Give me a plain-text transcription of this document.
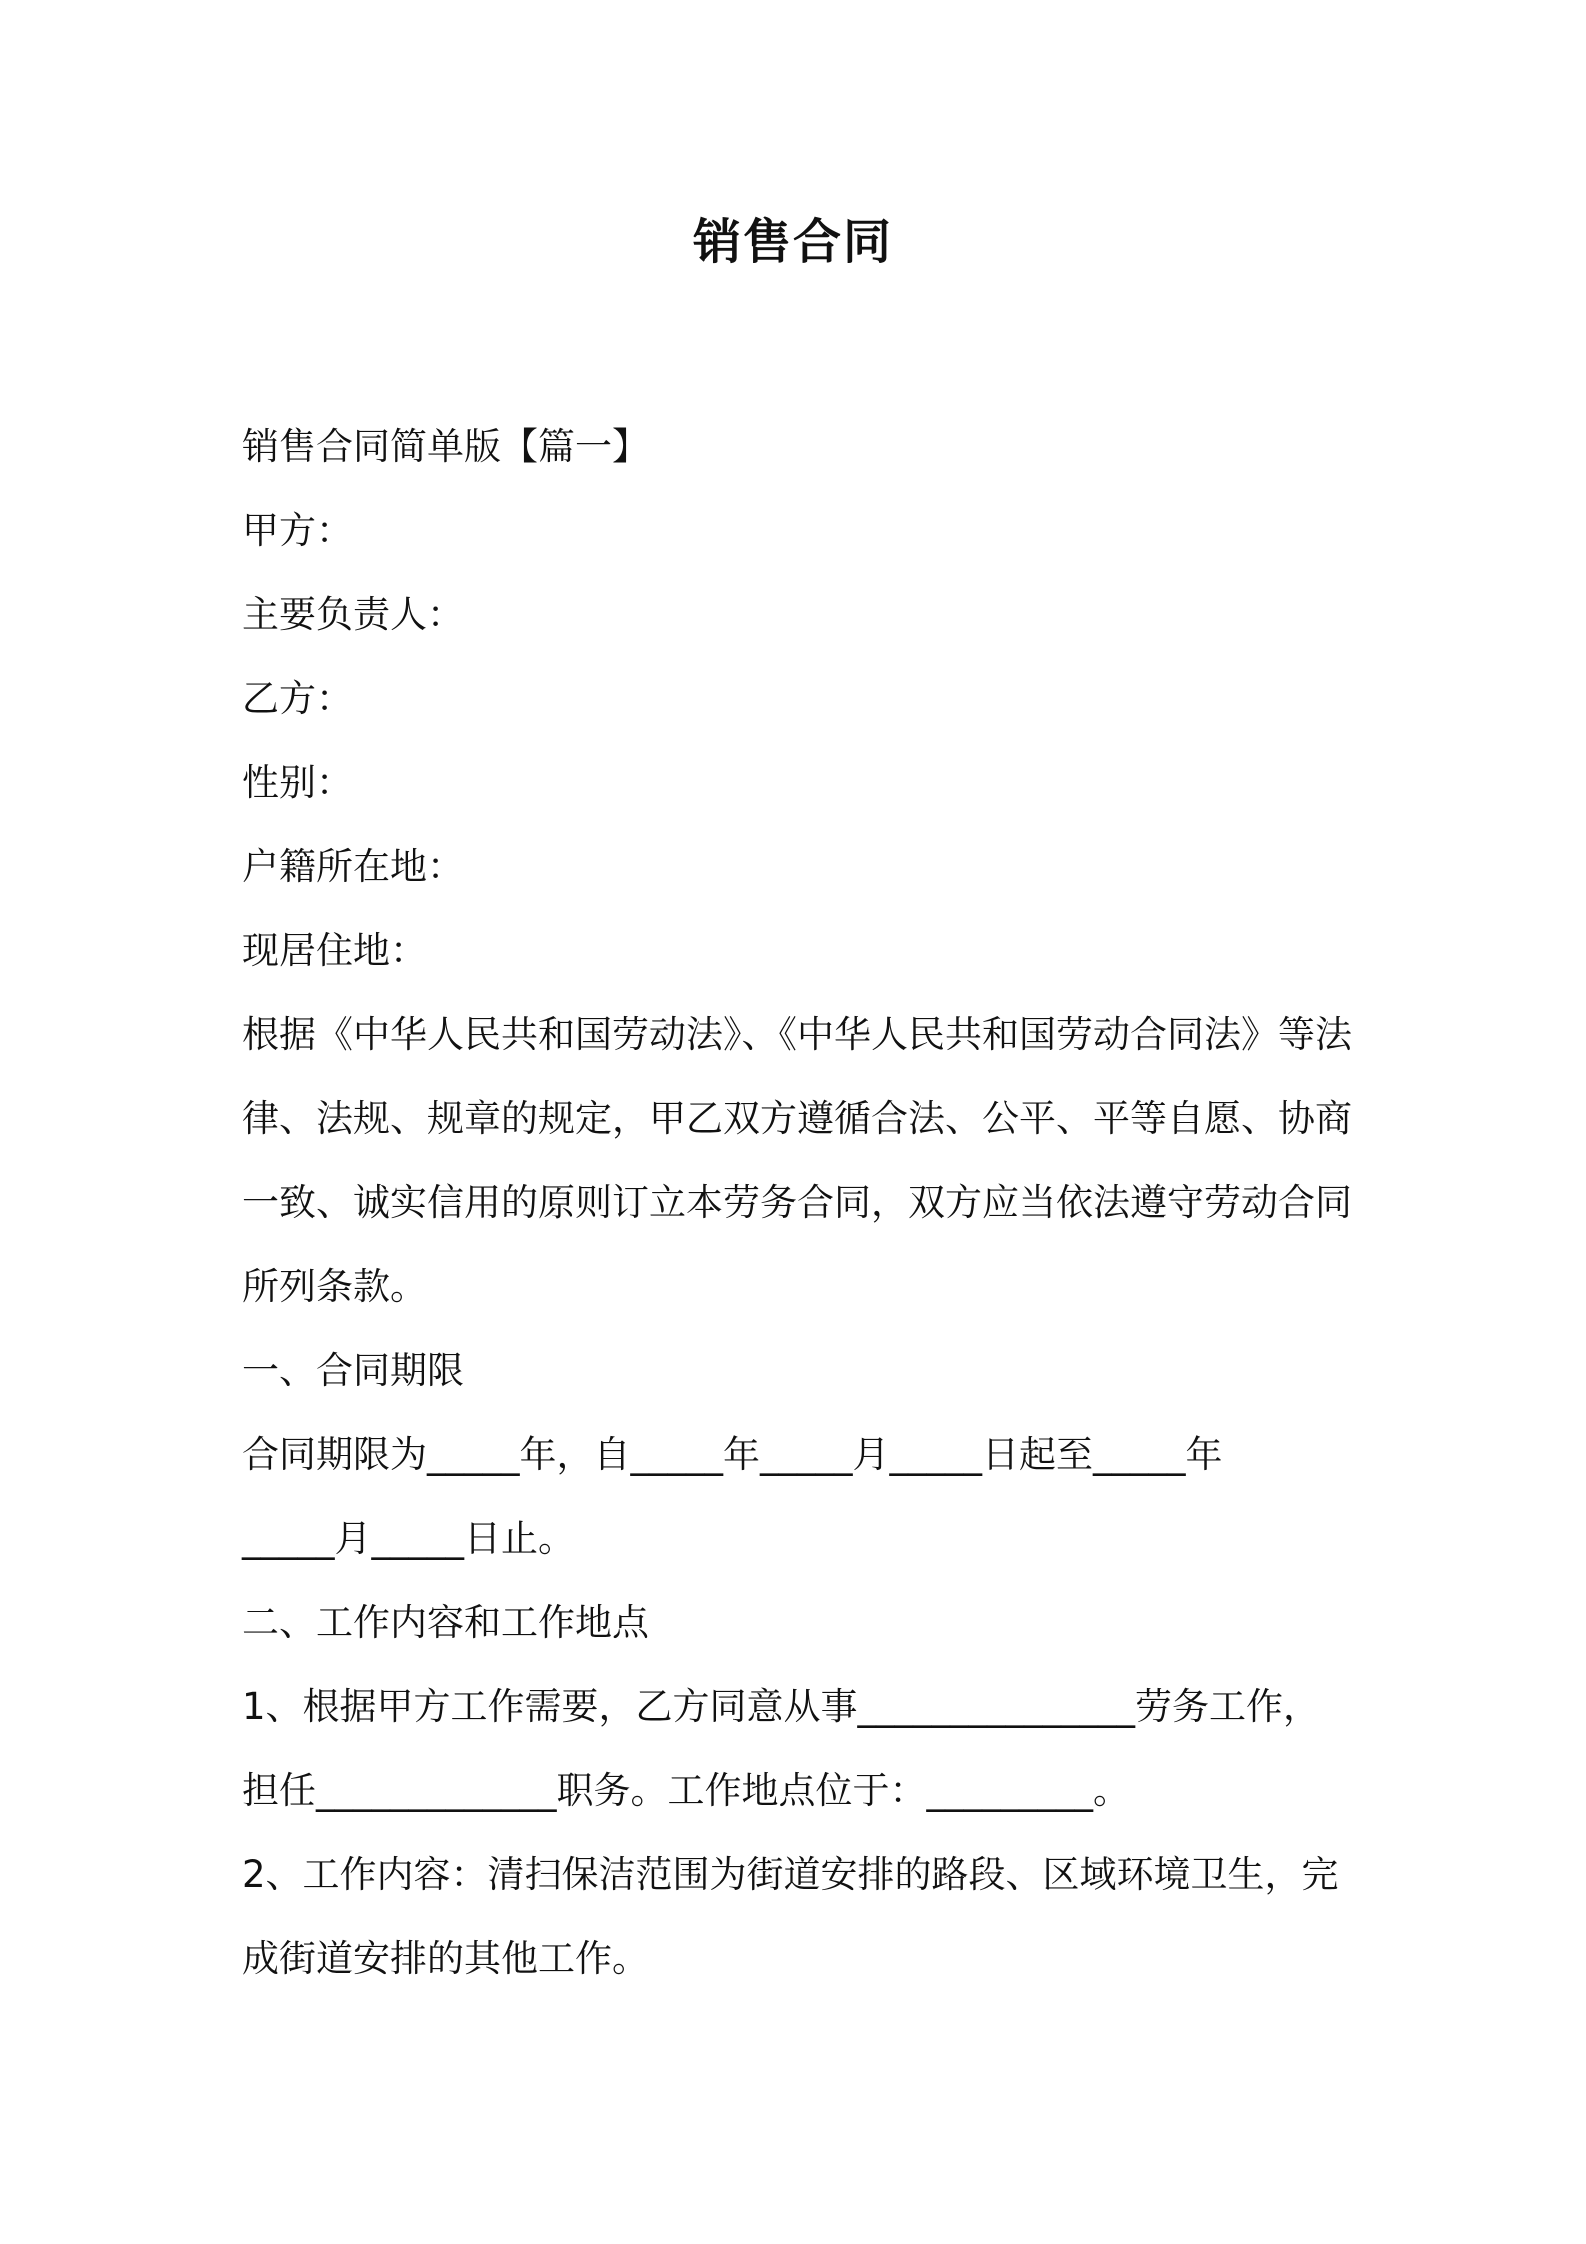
销售合同
销售合同简单版【篇一】
甲方：
主要负责人：
乙方：
性别：
户籍所在地：
现居住地：
根据《中华人民共和国劳动法》、《中华人民共和国劳动合同法》等法
律、法规、规章的规定，甲乙双方遵循合法、公平、平等自愿、协商
一致、诚实信用的原则订立本劳务合同，双方应当依法遵守劳动合同
所列条款。
一、合同期限
合同期限为_____年，自_____年_____月_____日起至_____年
_____月_____日止。
二、工作内容和工作地点
1、根据甲方工作需要，乙方同意从事_______________劳务工作，
担任_____________职务。工作地点位于：_________。
2、工作内容：清扫保洁范围为街道安排的路段、区域环境卫生，完
成街道安排的其他工作。
